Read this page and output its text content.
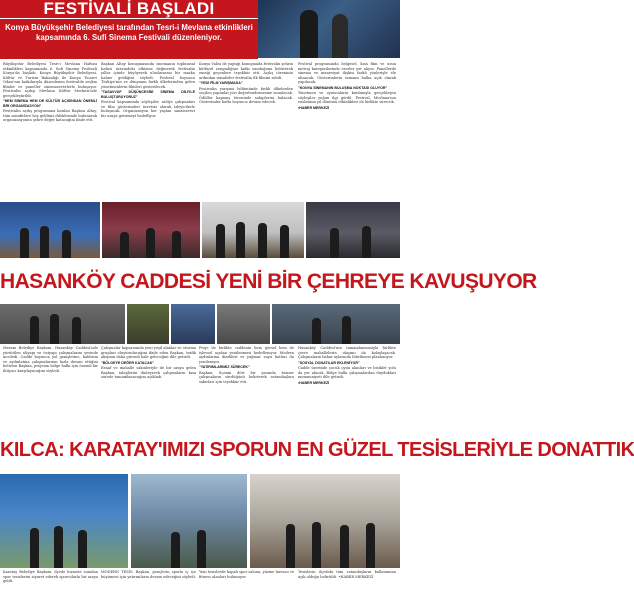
FESTİVALİ BAŞLADI
Konya Büyükşehir Belediyesi tarafından Tesri-i Mevlana etkinlikleri
kapsamında 6. Sufi Sinema Festivali düzenleniyor.

Büyükşehir Belediyesi Tesri-i Mevlana Haftası etkinlikleri kapsamında 6. Sufi Sinema Festivali Konya'da başladı. Konya Büyükşehir Belediyesi, Kültür ve Turizm Bakanlığı ile Konya Ticaret Odası'nın katkılarıyla düzenlenen festivalde seçkin filmler ve paneller sinemaseverlerle buluşuyor. Festivalin açılışı Mevlana Kültür Merkezi'nde gerçekleştirildi.

"HEM SİNEMA HEM DE KÜLTÜR AÇISINDAN ÖNEMLİ BİR ORGANİZASYON"

Festivalin açılış programına katılan Başkan Altay, tüm misafirlere hoş geldiniz dileklerinde bulunarak organizasyonun şehre değer katacağını ifade etti.

Başkan Altay konuşmasında sinemanın toplumsal hafıza üzerindeki etkisine değinerek festivalin yıllar içinde büyüyerek uluslararası bir marka haline geldiğini söyledi. Festival boyunca Türkiye'nin ve dünyanın farklı ülkelerinden gelen yönetmenlerin filmleri gösterilecek.

"TASAVVUF DÜŞÜNCESİNİ SİNEMA DİLİYLE BULUŞTURUYORUZ"

Festival kapsamında söyleşiler, atölye çalışmaları ve film gösterimleri ücretsiz olarak izleyicilerle buluşacak. Organizasyon her yaştan sanatseveri bir araya getirmeyi hedefliyor.

Konya Valisi de yaptığı konuşmada festivalin şehrin kültürel zenginliğine katkı sunduğunu belirterek emeği geçenlere teşekkür etti. Açılış töreninin ardından misafirler festivalin ilk filmini izledi.

"YEDİ FİLM YARIŞMADA"

Festivalin yarışma bölümünde farklı ülkelerden seçilen yapımlar jüri değerlendirmesine sunulacak. Ödüller kapanış töreninde sahiplerini bulacak. Gösterimler hafta boyunca devam edecek.

Festival programında belgesel, kısa film ve uzun metraj kategorilerinde eserler yer alıyor. Panellerde sinema ve maneviyat ilişkisi farklı yönleriyle ele alınacak. Gösterimlerin tamamı halka açık olarak yapılacak.

"KONYA SİNEMANIN BULUŞMA NOKTASI OLUYOR"

Yönetmen ve oyuncuların katılımıyla gerçekleşen söyleşiler yoğun ilgi gördü. Festival, Mevlana'nın vuslatının yıl dönümü etkinlikleri ile birlikte sürecek.

•HABER MERKEZİ

HASANKÖY CADDESİ YENİ BİR ÇEHREYE KAVUŞUYOR

Meram Belediye Başkanı, Hasanköy Caddesi'nde yürütülen altyapı ve üstyapı çalışmalarını yerinde inceledi. Cadde boyunca yol genişletme, kaldırım ve aydınlatma çalışmalarının hızla devam ettiğini belirten Başkan, projenin bölge halkı için önemli bir ihtiyacı karşılayacağını söyledi.

Çalışmalar kapsamında yeni yeşil alanlar ve oturma grupları oluşturulacağını ifade eden Başkan, trafik akışının daha güvenli hale geleceğini dile getirdi.

"BÖLGEYE DEĞER KATACAK"

Esnaf ve mahalle sakinleriyle de bir araya gelen Başkan, taleplerini dinleyerek çalışmaların kısa sürede tamamlanacağını açıkladı.

Proje ile birlikte caddenin hem görsel hem de işlevsel açıdan yenilenmesi hedefleniyor. Modern aydınlatma direkleri ve yağmur suyu hatları da yenileniyor.

"YATIRIMLARIMIZ SÜRECEK"

Başkan, ilçenin dört bir yanında benzer çalışmaların sürdüğünü belirterek vatandaşlara sabırları için teşekkür etti.

Hasanköy Caddesi'nin tamamlanmasıyla birlikte çevre mahallelerin ulaşımı da kolaylaşacak. Çalışmaların bahar aylarında bitirilmesi planlanıyor.

"SOSYAL DONATILAR EKLENİYOR"

Cadde üzerinde çocuk oyun alanları ve bisiklet yolu da yer alacak. Bölge halkı çalışmalardan duydukları memnuniyeti dile getirdi.

•HABER MERKEZİ

KILCA: KARATAY'IMIZI SPORUN EN GÜZEL TESİSLERİYLE DONATTIK

Karatay Belediye Başkanı, ilçede hizmete sunulan spor tesislerini ziyaret ederek sporcularla bir araya geldi.

MODERN TESİS. Başkan, gençlerin sporla iç içe büyümesi için yatırımların devam edeceğini söyledi.

Yeni tesislerde kapalı spor salonu, yüzme havuzu ve fitness alanları bulunuyor.

Tesislerin ilçedeki tüm vatandaşların kullanımına açık olduğu belirtildi. •HABER MERKEZİ
